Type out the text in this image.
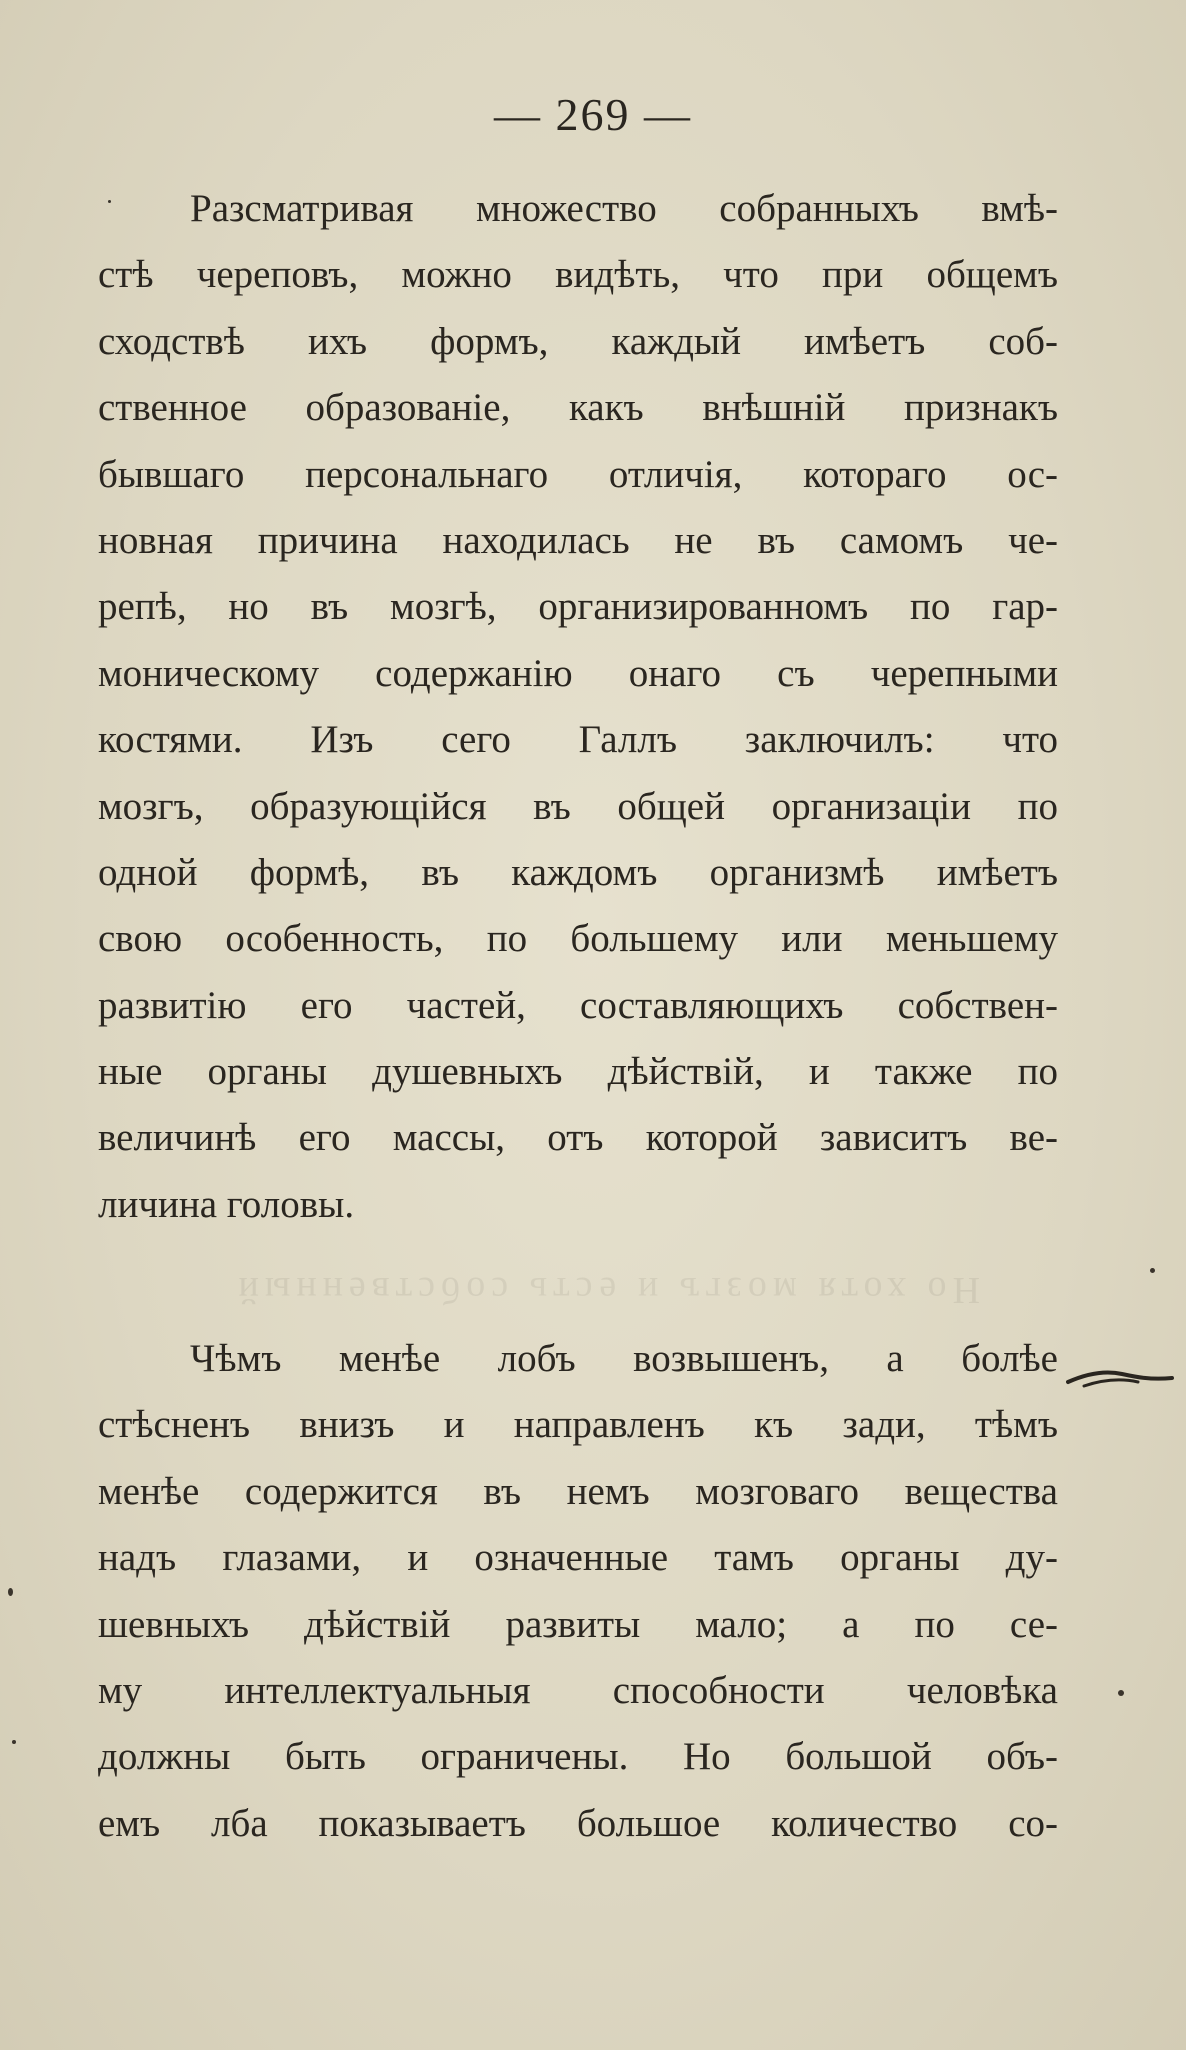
— 269 —
Но хотя мозгъ и есть собственный
Разсматривая множество собранныхъ вмѣ-
стѣ череповъ, можно видѣть, что при общемъ
сходствѣ ихъ формъ, каждый имѣетъ соб-
ственное образованіе, какъ внѣшній признакъ
бывшаго персональнаго отличія, котораго ос-
новная причина находилась не въ самомъ че-
репѣ, но въ мозгѣ, организированномъ по гар-
моническому содержанію онаго съ черепными
костями. Изъ сего Галлъ заключилъ: что
мозгъ, образующійся въ общей организаціи по
одной формѣ, въ каждомъ организмѣ имѣетъ
свою особенность, по большему или меньшему
развитію его частей, составляющихъ собствен-
ные органы душевныхъ дѣйствій, и также по
величинѣ его массы, отъ которой зависитъ ве-
личина головы.
Чѣмъ менѣе лобъ возвышенъ, а болѣе
стѣсненъ внизъ и направленъ къ зади, тѣмъ
менѣе содержится въ немъ мозговаго вещества
надъ глазами, и означенные тамъ органы ду-
шевныхъ дѣйствій развиты мало; а по се-
му интеллектуальныя способности человѣка
должны быть ограничены. Но большой объ-
емъ лба показываетъ большое количество со-
